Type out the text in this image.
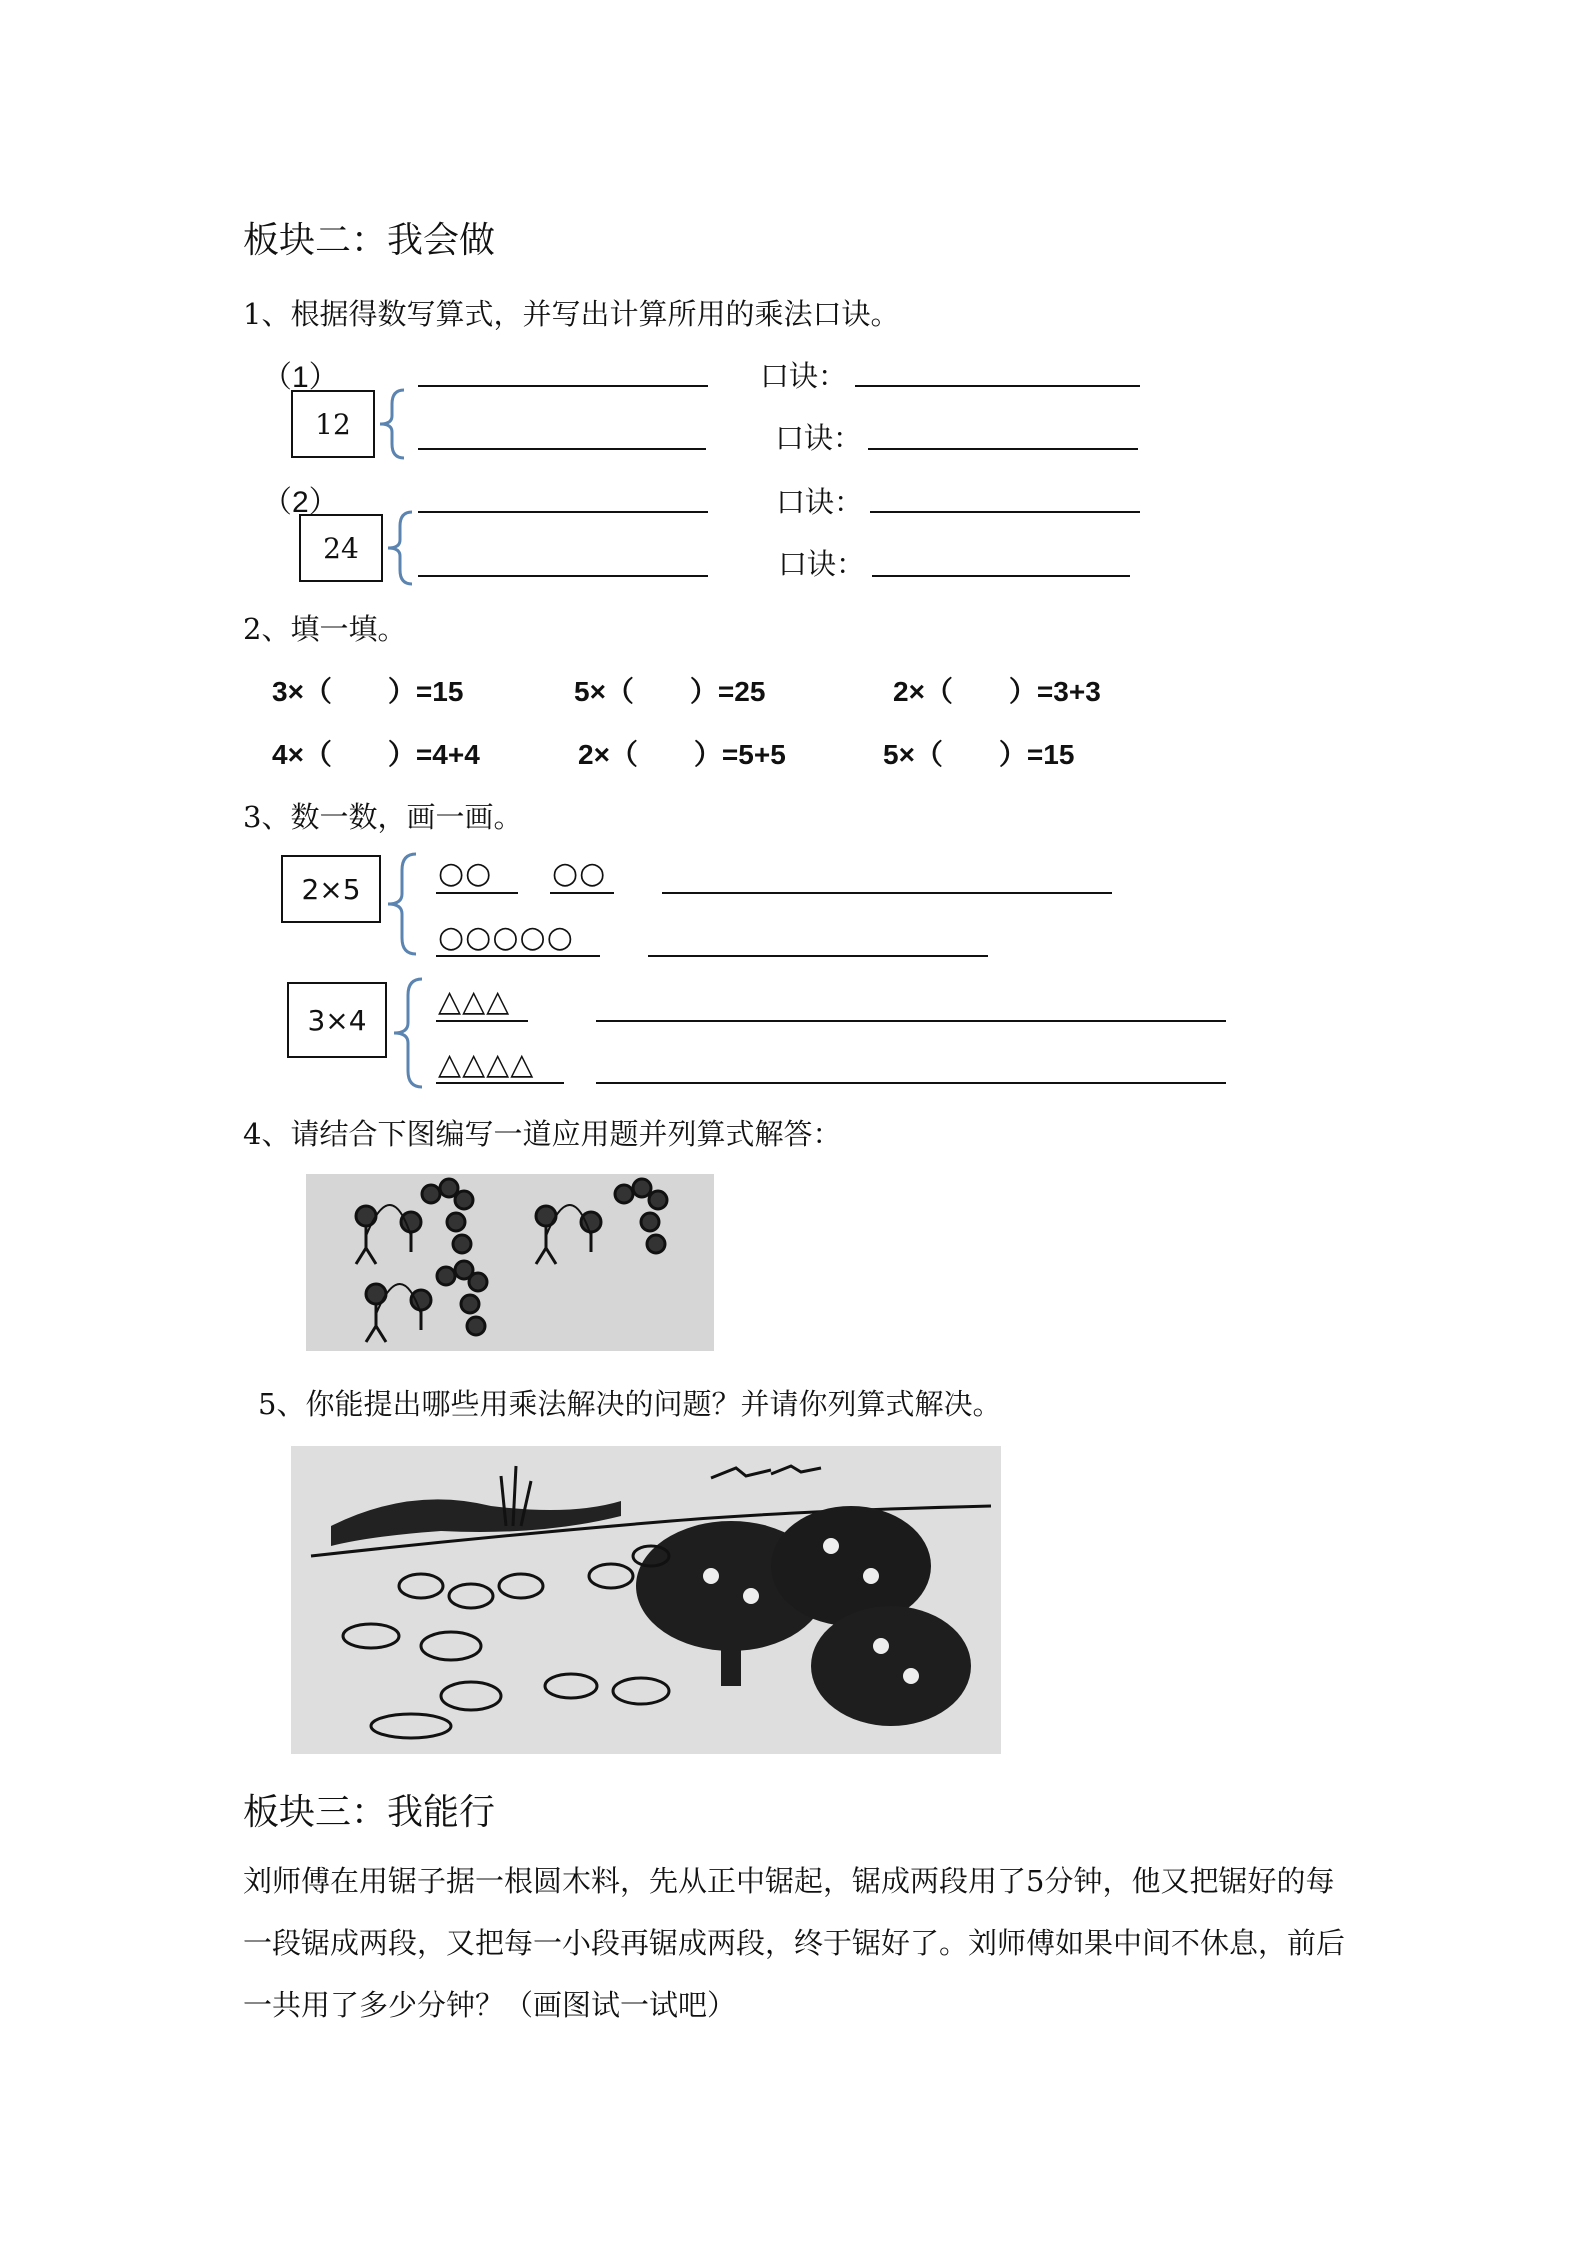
板块二：我会做
1、根据得数写算式，并写出计算所用的乘法口诀。
（1）
12
口诀：
口诀：
（2）
24
口诀：
口诀：
2、填一填。
3×（　　）=15	5×（　　）=25	2×（　　）=3+3
4×（　　）=4+4	2×（　　）=5+5	5×（　　）=15
3、数一数，画一画。
2×5	○○ ○○
○○○○○
3×4
△△△
△△△△
4、请结合下图编写一道应用题并列算式解答：
5、你能提出哪些用乘法解决的问题？并请你列算式解决。
板块三：我能行
刘师傅在用锯子据一根圆木料，先从正中锯起，锯成两段用了5分钟，他又把锯好的每一段锯成两段，又把每一小段再锯成两段，终于锯好了。刘师傅如果中间不休息，前后一共用了多少分钟？（画图试一试吧）
